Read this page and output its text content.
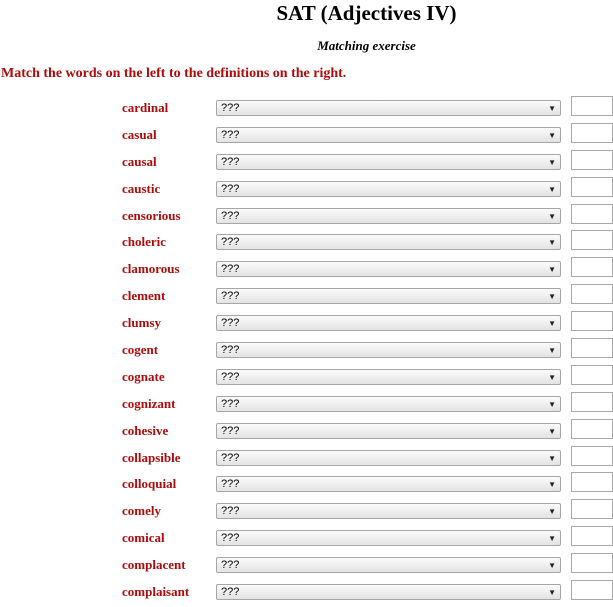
SAT (Adjectives IV)
Matching exercise
Match the words on the left to the definitions on the right.
cardinal	???	▼
casual	???	▼
causal	???	▼
caustic	???	▼
censorious	???	▼
choleric	???	▼
clamorous	???	▼
clement	???	▼
clumsy	???	▼
cogent	???	▼
cognate	???	▼
cognizant	???	▼
cohesive	???	▼
collapsible	???	▼
colloquial	???	▼
comely	???	▼
comical	???	▼
complacent	???	▼
complaisant	???	▼
